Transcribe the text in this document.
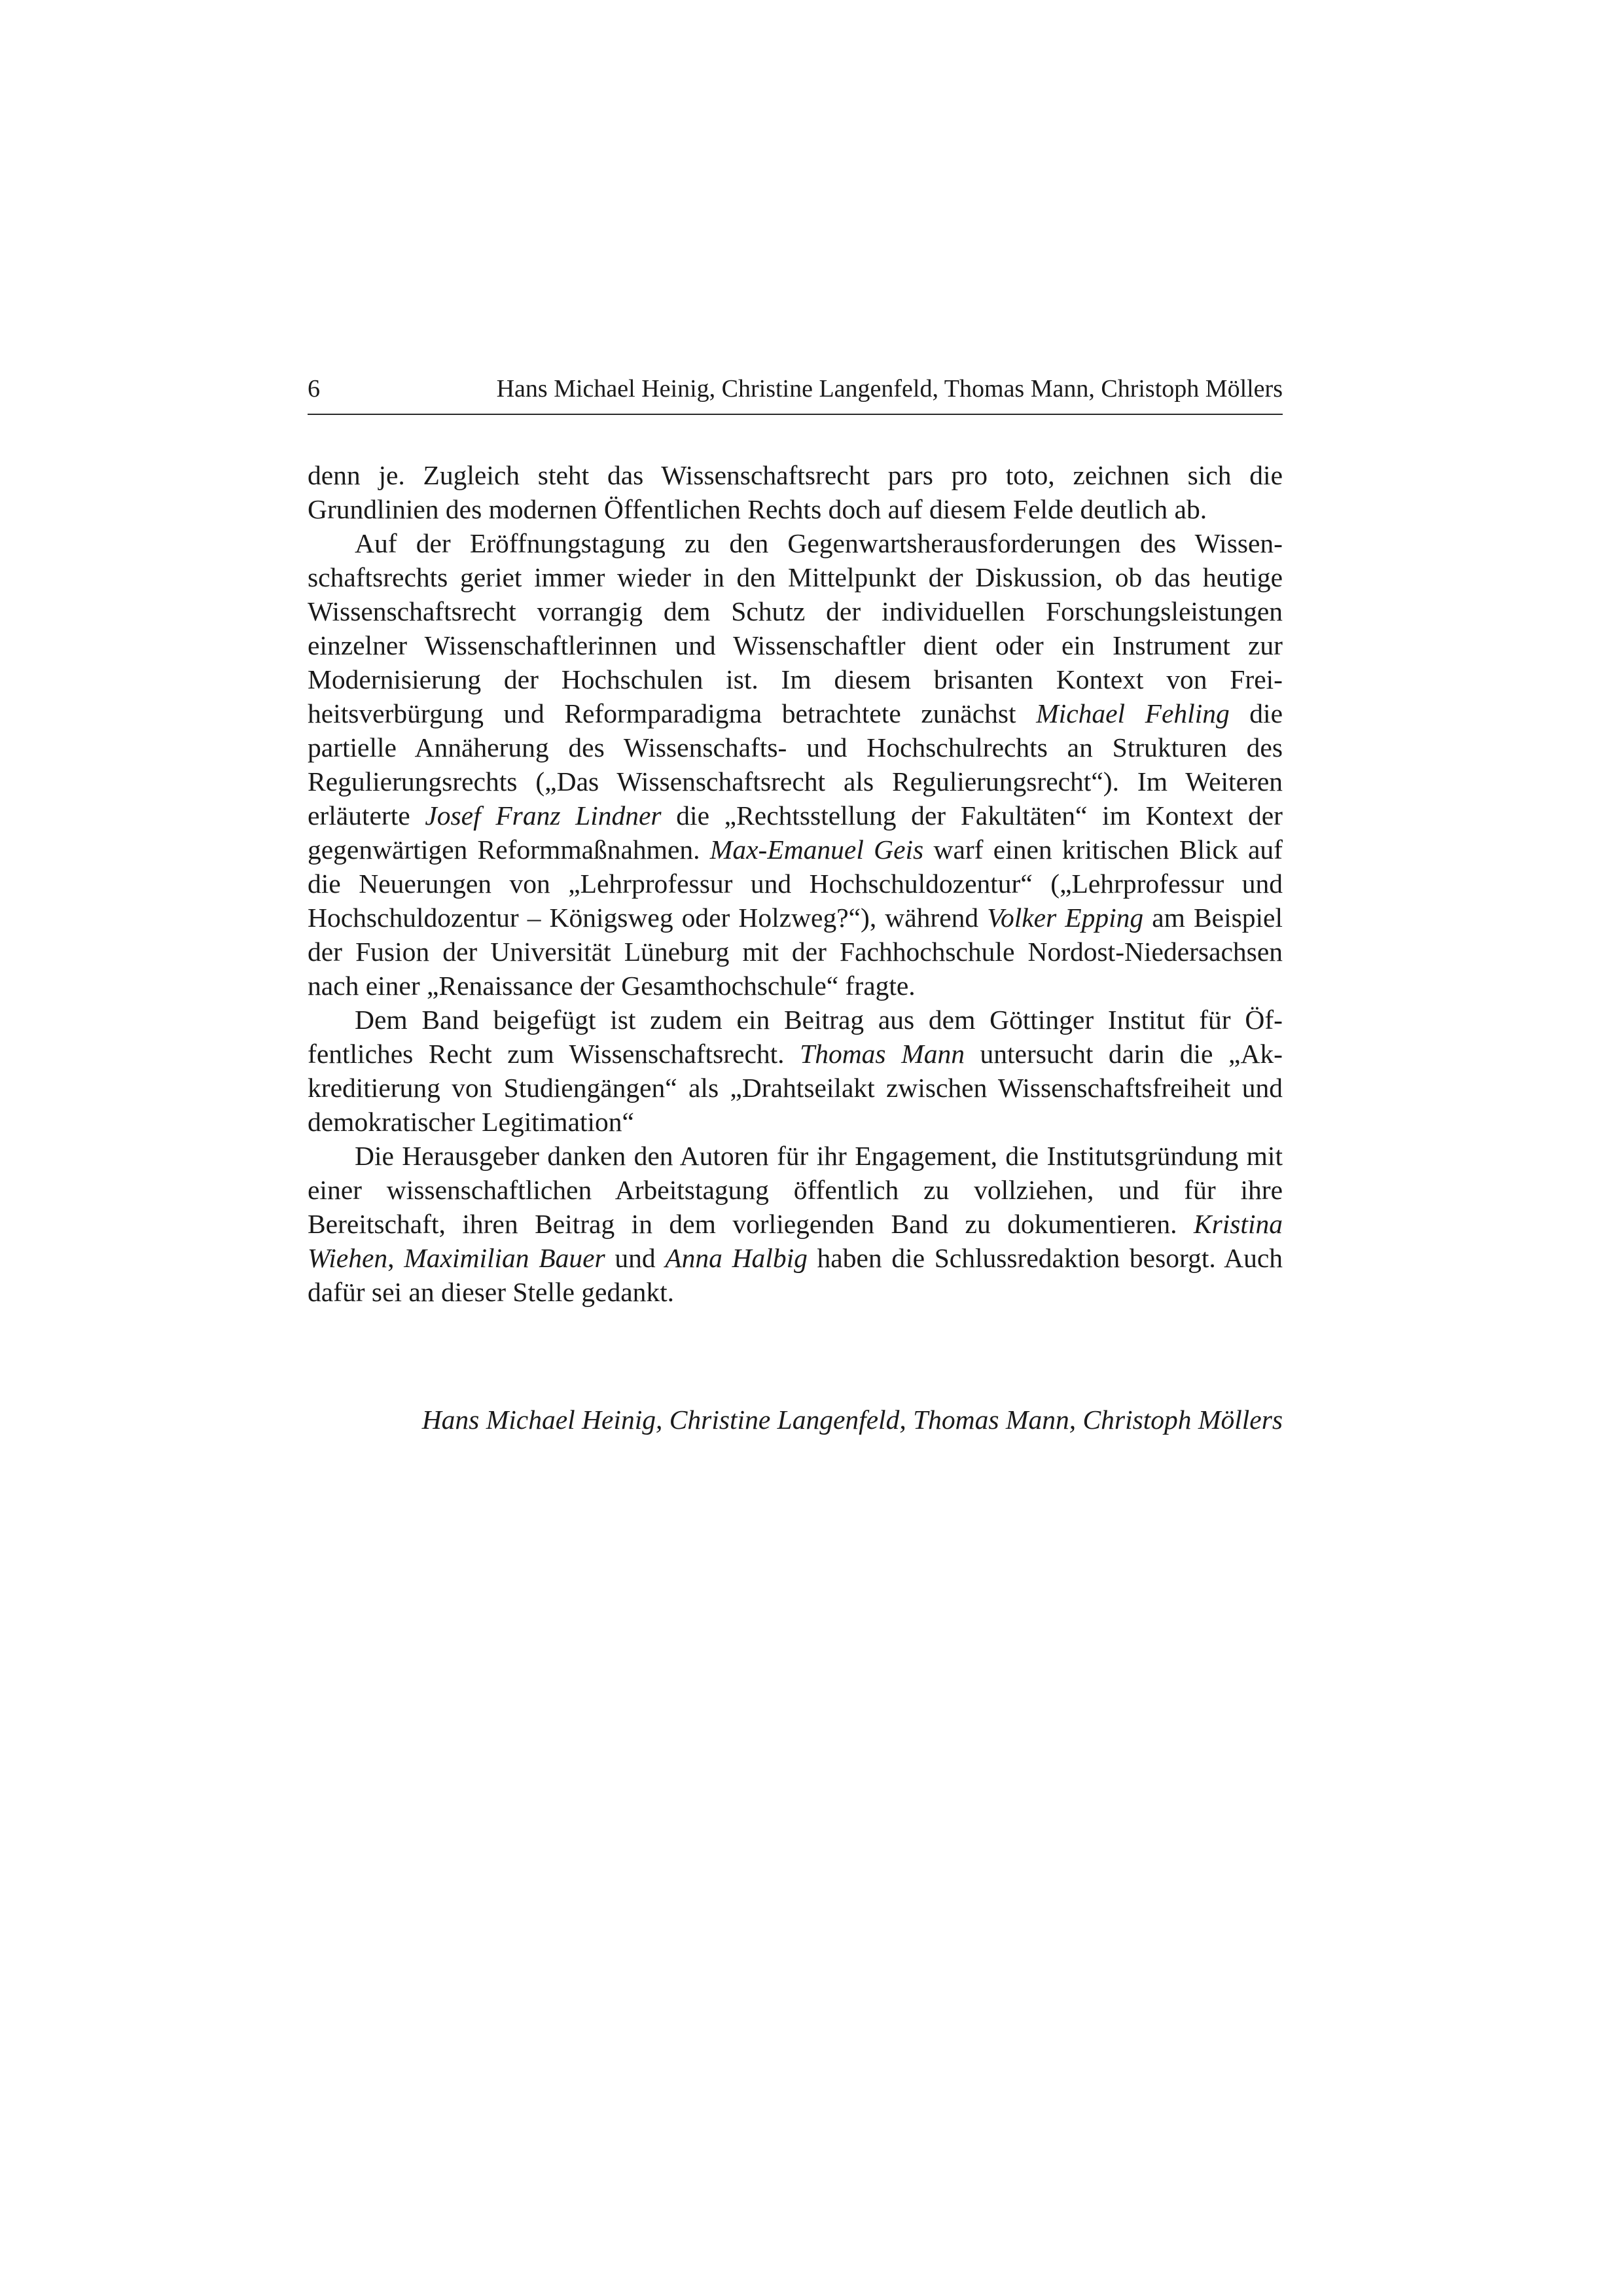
6	Hans Michael Heinig, Christine Langenfeld, Thomas Mann, Christoph Möllers

denn je. Zugleich steht das Wissenschaftsrecht pars pro toto, zeichnen sich die Grundlinien des modernen Öffentlichen Rechts doch auf diesem Felde deutlich ab.

Auf der Eröffnungstagung zu den Gegenwartsherausforderungen des Wissenschaftsrechts geriet immer wieder in den Mittelpunkt der Diskussion, ob das heutige Wissenschaftsrecht vorrangig dem Schutz der individuellen Forschungsleistungen einzelner Wissenschaftlerinnen und Wissenschaftler dient oder ein Instrument zur Modernisierung der Hochschulen ist. Im diesem brisanten Kontext von Freiheitsverbürgung und Reformparadigma betrachtete zunächst Michael Fehling die partielle Annäherung des Wissenschafts- und Hochschulrechts an Strukturen des Regulierungsrechts („Das Wissenschaftsrecht als Regulierungsrecht“). Im Weiteren erläuterte Josef Franz Lindner die „Rechtsstellung der Fakultäten“ im Kontext der gegenwärtigen Reformmaßnahmen. Max-Emanuel Geis warf einen kritischen Blick auf die Neuerungen von „Lehrprofessur und Hochschuldozentur“ („Lehrprofessur und Hochschuldozentur – Königsweg oder Holzweg?“), während Volker Epping am Beispiel der Fusion der Universität Lüneburg mit der Fachhochschule Nordost-Niedersachsen nach einer „Renaissance der Gesamthochschule“ fragte.

Dem Band beigefügt ist zudem ein Beitrag aus dem Göttinger Institut für Öffentliches Recht zum Wissenschaftsrecht. Thomas Mann untersucht darin die „Akkreditierung von Studiengängen“ als „Drahtseilakt zwischen Wissenschaftsfreiheit und demokratischer Legitimation“

Die Herausgeber danken den Autoren für ihr Engagement, die Institutsgründung mit einer wissenschaftlichen Arbeitstagung öffentlich zu vollziehen, und für ihre Bereitschaft, ihren Beitrag in dem vorliegenden Band zu dokumentieren. Kristina Wiehen, Maximilian Bauer und Anna Halbig haben die Schlussredaktion besorgt. Auch dafür sei an dieser Stelle gedankt.

Hans Michael Heinig, Christine Langenfeld, Thomas Mann, Christoph Möllers
